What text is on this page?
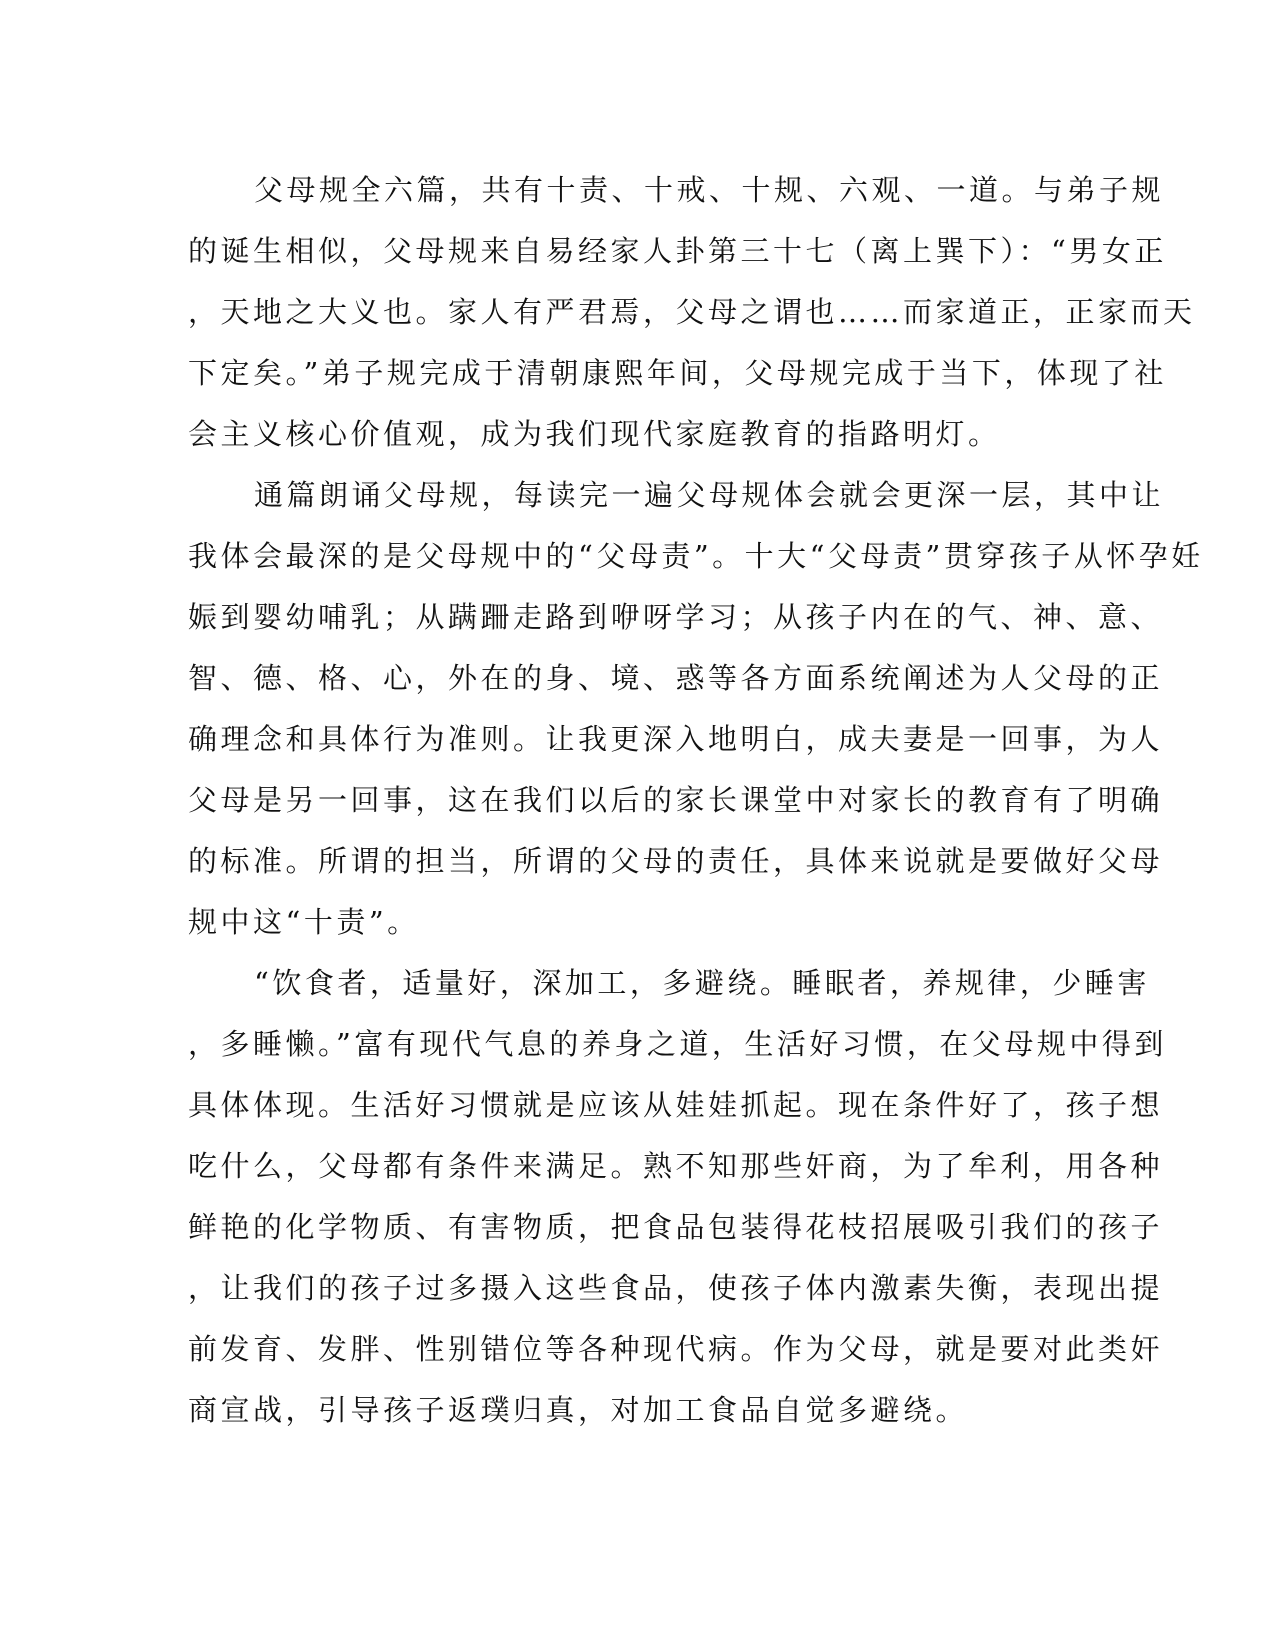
父母规全六篇，共有十责、十戒、十规、六观、一道。与弟子规
的诞生相似，父母规来自易经家人卦第三十七（离上巽下）：“男女正
，天地之大义也。家人有严君焉，父母之谓也……而家道正，正家而天
下定矣。”弟子规完成于清朝康熙年间，父母规完成于当下，体现了社
会主义核心价值观，成为我们现代家庭教育的指路明灯。
通篇朗诵父母规，每读完一遍父母规体会就会更深一层，其中让
我体会最深的是父母规中的“父母责”。十大“父母责”贯穿孩子从怀孕妊
娠到婴幼哺乳；从蹒跚走路到咿呀学习；从孩子内在的气、神、意、
智、德、格、心，外在的身、境、惑等各方面系统阐述为人父母的正
确理念和具体行为准则。让我更深入地明白，成夫妻是一回事，为人
父母是另一回事，这在我们以后的家长课堂中对家长的教育有了明确
的标准。所谓的担当，所谓的父母的责任，具体来说就是要做好父母
规中这“十责”。
“饮食者，适量好，深加工，多避绕。睡眠者，养规律，少睡害
，多睡懒。”富有现代气息的养身之道，生活好习惯，在父母规中得到
具体体现。生活好习惯就是应该从娃娃抓起。现在条件好了，孩子想
吃什么，父母都有条件来满足。熟不知那些奸商，为了牟利，用各种
鲜艳的化学物质、有害物质，把食品包装得花枝招展吸引我们的孩子
，让我们的孩子过多摄入这些食品，使孩子体内激素失衡，表现出提
前发育、发胖、性别错位等各种现代病。作为父母，就是要对此类奸
商宣战，引导孩子返璞归真，对加工食品自觉多避绕。
